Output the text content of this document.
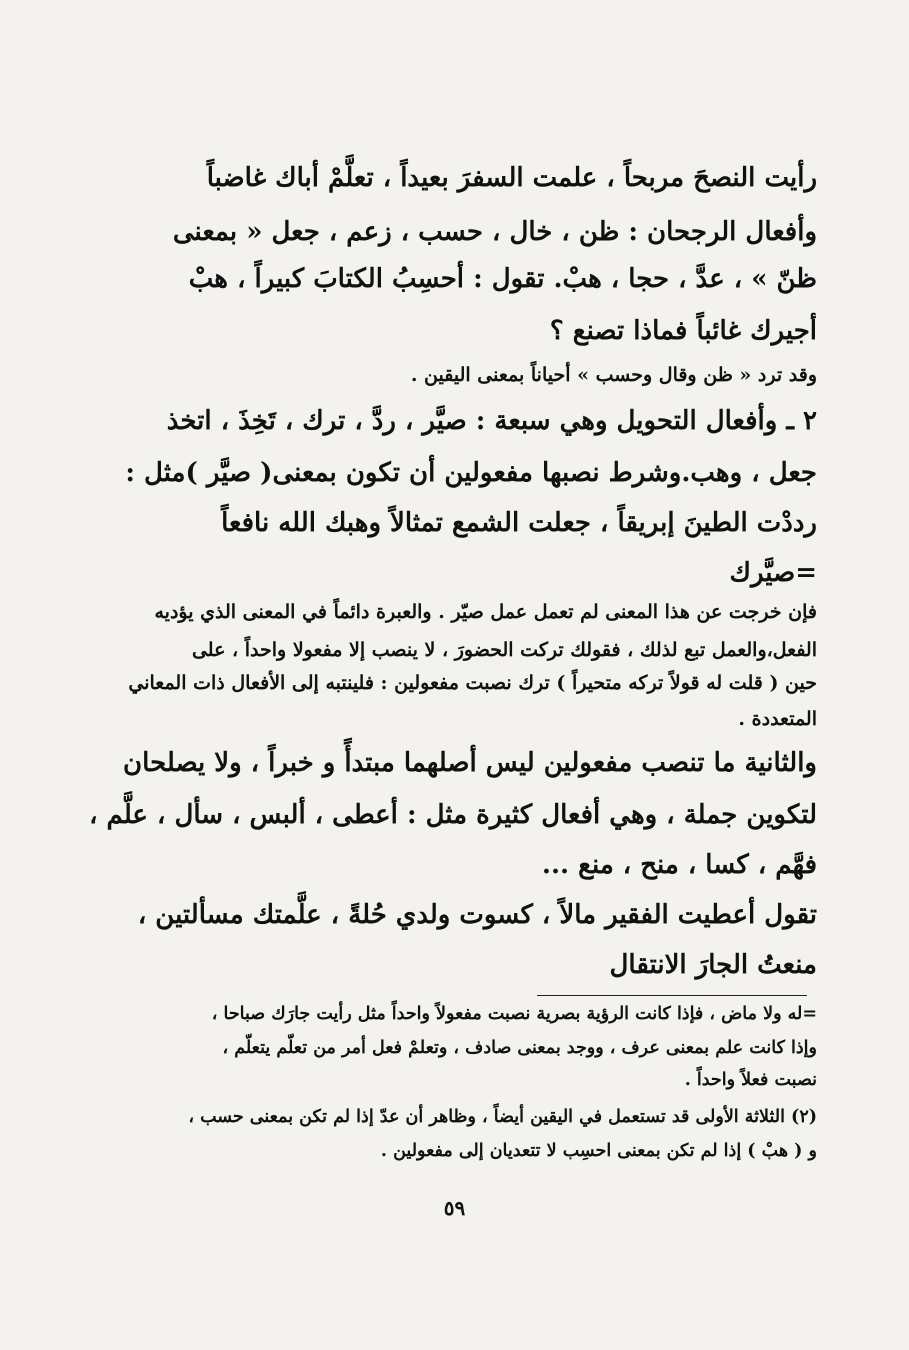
رأيت النصحَ مربحاً ، علمت السفرَ بعيداً ، تعلَّمْ أباك غاضباً
وأفعال الرجحان : ظن ، خال ، حسب ، زعم ، جعل « بمعنى
ظنّ » ، عدَّ ، حجا ، هبْ. تقول : أحسِبُ الكتابَ كبيراً ، هبْ
أجيرك غائباً فماذا تصنع ؟
وقد ترد « ظن وقال وحسب » أحياناً بمعنى اليقين .
٢ ـ وأفعال التحويل وهي سبعة : صيَّر ، ردَّ ، ترك ، تَخِذَ ، اتخذ
جعل ، وهب.وشرط نصبها مفعولين أن تكون بمعنى( صيَّر )مثل :
رددْت الطينَ إبريقاً ، جعلت الشمع تمثالاً وهبك الله نافعاً
=صيَّرك
فإن خرجت عن هذا المعنى لم تعمل عمل صيّر . والعبرة دائماً في المعنى الذي يؤديه
الفعل،والعمل تبع لذلك ، فقولك تركت الحضورَ ، لا ينصب إلا مفعولا واحداً ، على
حين ( قلت له قولاً تركه متحيراً ) ترك نصبت مفعولين : فلينتبه إلى الأفعال ذات المعاني
المتعددة .
والثانية ما تنصب مفعولين ليس أصلهما مبتدأً و خبراً ، ولا يصلحان
لتكوين جملة ، وهي أفعال كثيرة مثل : أعطى ، ألبس ، سأل ، علَّم ،
فهَّم ، كسا ، منح ، منع ...
تقول أعطيت الفقير مالاً ، كسوت ولدي حُلةً ، علَّمتك مسألتين ،
منعتُ الجارَ الانتقال
=له ولا ماض ، فإذا كانت الرؤية بصرية نصبت مفعولاً واحداً مثل رأيت جارَك صباحا ،
وإذا كانت علم بمعنى عرف ، ووجد بمعنى صادف ، وتعلمْ فعل أمر من تعلّم يتعلّم ،
نصبت فعلاً واحداً .
(٢) الثلاثة الأولى قد تستعمل في اليقين أيضاً ، وظاهر أن عدّ إذا لم تكن بمعنى حسب ،
و ( هبْ ) إذا لم تكن بمعنى احسِب لا تتعديان إلى مفعولين .
٥٩
